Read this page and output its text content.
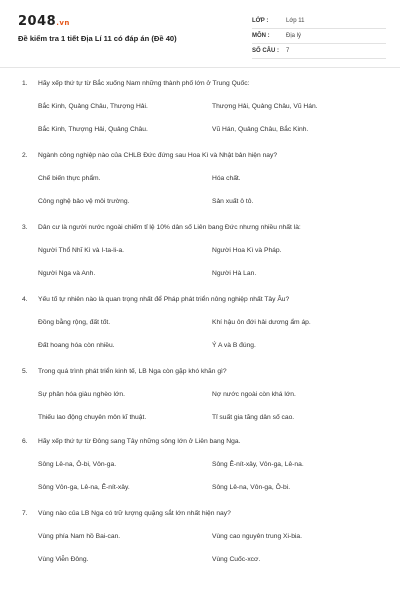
2048.vn
Đề kiểm tra 1 tiết Địa Lí 11 có đáp án (Đề 40)
LỚP :	Lớp 11
MÔN :	Địa lý
SỐ CÂU :	7
1. Hãy xếp thứ tự từ Bắc xuống Nam những thành phố lớn ở Trung Quốc:
Bắc Kinh, Quảng Châu, Thượng Hải.	Thượng Hải, Quảng Châu, Vũ Hán.
Bắc Kinh, Thượng Hải, Quảng Châu.	Vũ Hán, Quảng Châu, Bắc Kinh.
2. Ngành công nghiệp nào của CHLB Đức đứng sau Hoa Kì và Nhật bản hiện nay?
Chế biến thực phẩm.	Hóa chất.
Công nghệ bảo vệ môi trường.	Sản xuất ô tô.
3. Dân cư là người nước ngoài chiếm tỉ lệ 10% dân số Liên bang Đức nhưng nhiều nhất là:
Người Thổ Nhĩ Kì và I-ta-li-a.	Người Hoa Kì và Pháp.
Người Nga và Anh.	Người Hà Lan.
4. Yếu tố tự nhiên nào là quan trọng nhất để Pháp phát triển nông nghiệp nhất Tây Âu?
Đồng bằng rộng, đất tốt.	Khí hậu ôn đới hải dương ẩm áp.
Đất hoang hóa còn nhiều.	Ý A và B đúng.
5. Trong quá trình phát triển kinh tế, LB Nga còn gặp khó khăn gì?
Sự phân hóa giàu nghèo lớn.	Nợ nước ngoài còn khá lớn.
Thiếu lao động chuyên môn kĩ thuật.	Tỉ suất gia tăng dân số cao.
6. Hãy xếp thứ tự từ Đông sang Tây những sông lớn ở Liên bang Nga.
Sông Lê-na, Ô-bi, Vôn-ga.	Sông Ê-nít-xây, Vôn-ga, Lê-na.
Sông Vôn-ga, Lê-na, Ê-nít-xây.	Sông Lê-na, Vôn-ga, Ô-bi.
7. Vùng nào của LB Nga có trữ lượng quặng sắt lớn nhất hiện nay?
Vùng phía Nam hồ Bai-can.	Vùng cao nguyên trung Xi-bia.
Vùng Viễn Đông.	Vùng Cuốc-xcơ.
